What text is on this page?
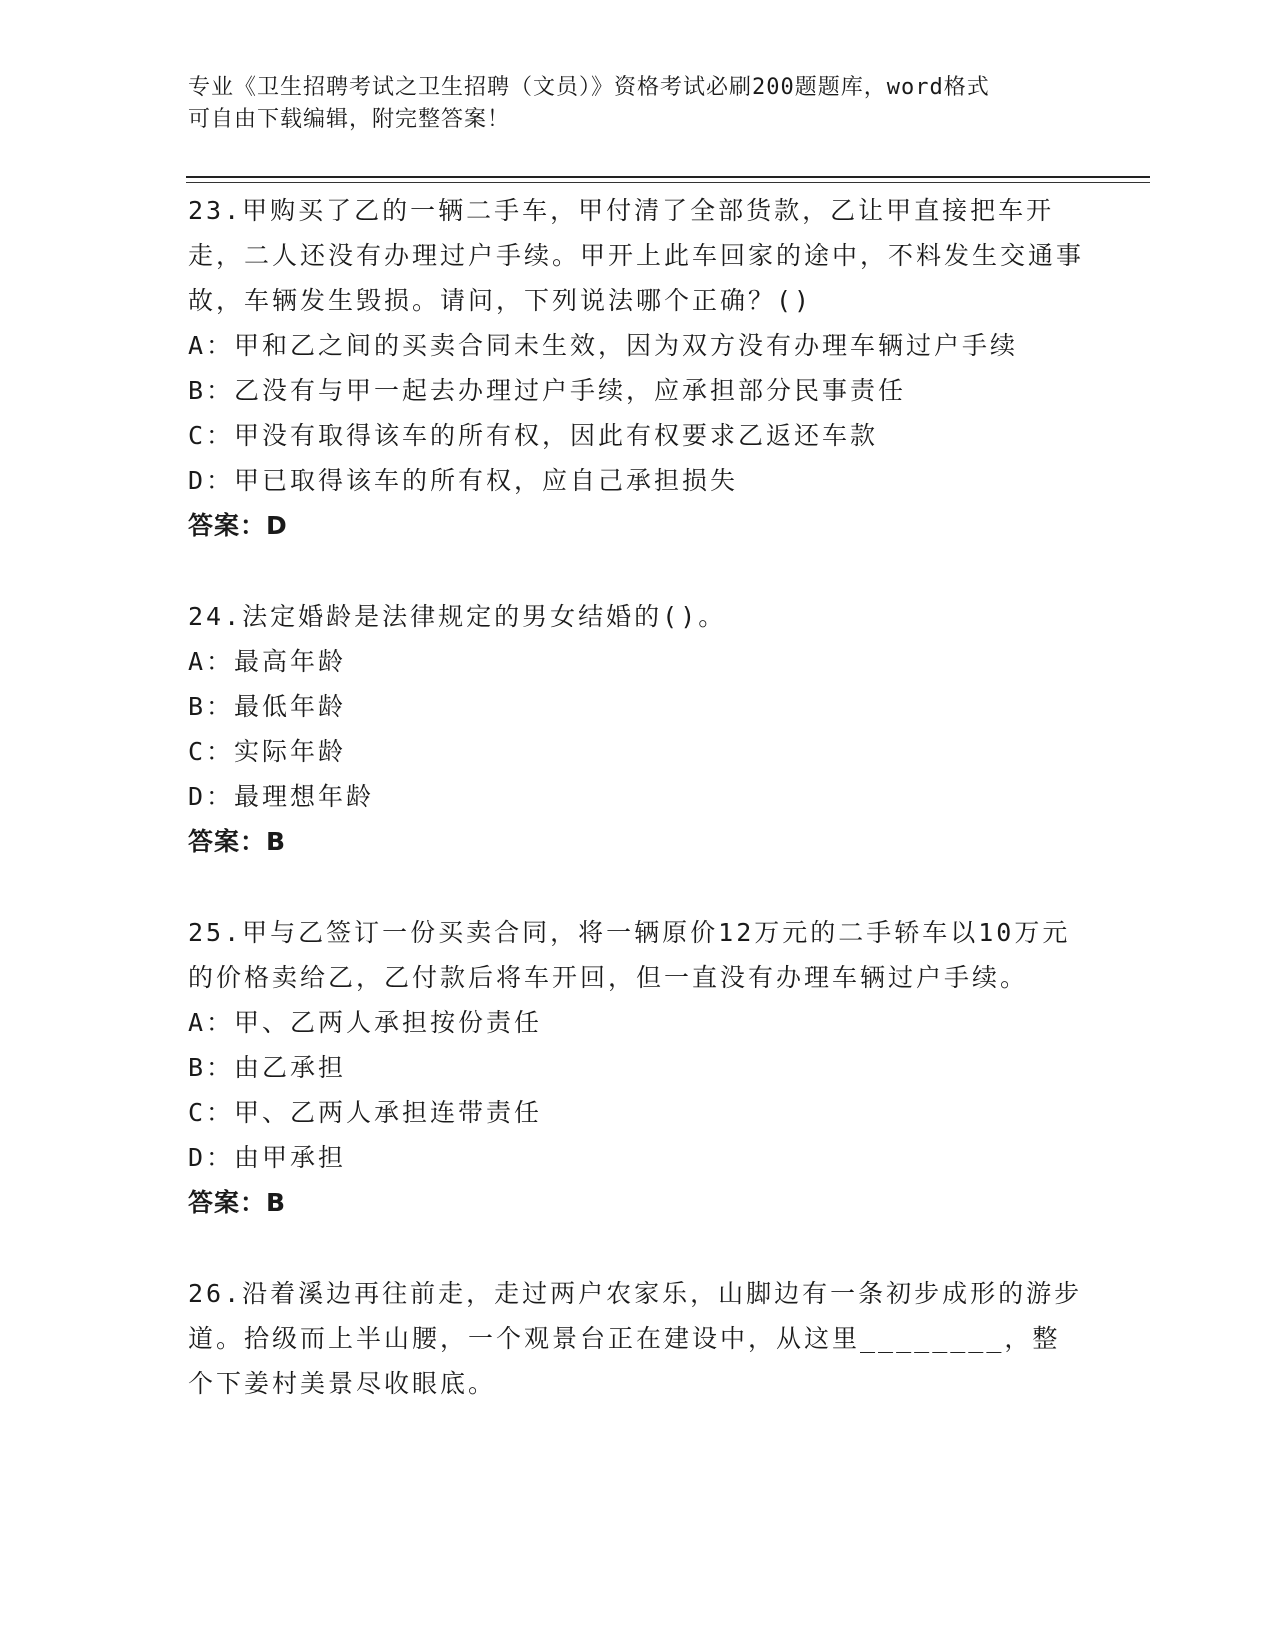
专业《卫生招聘考试之卫生招聘（文员）》资格考试必刷200题题库，word格式
可自由下载编辑，附完整答案！
23.甲购买了乙的一辆二手车，甲付清了全部货款，乙让甲直接把车开走，二人还没有办理过户手续。甲开上此车回家的途中，不料发生交通事故，车辆发生毁损。请问，下列说法哪个正确？()
A：甲和乙之间的买卖合同未生效，因为双方没有办理车辆过户手续
B：乙没有与甲一起去办理过户手续，应承担部分民事责任
C：甲没有取得该车的所有权，因此有权要求乙返还车款
D：甲已取得该车的所有权，应自己承担损失
答案：D
24.法定婚龄是法律规定的男女结婚的()。
A：最高年龄
B：最低年龄
C：实际年龄
D：最理想年龄
答案：B
25.甲与乙签订一份买卖合同，将一辆原价12万元的二手轿车以10万元的价格卖给乙，乙付款后将车开回，但一直没有办理车辆过户手续。
A：甲、乙两人承担按份责任
B：由乙承担
C：甲、乙两人承担连带责任
D：由甲承担
答案：B
26.沿着溪边再往前走，走过两户农家乐，山脚边有一条初步成形的游步道。拾级而上半山腰，一个观景台正在建设中，从这里________，整个下姜村美景尽收眼底。
